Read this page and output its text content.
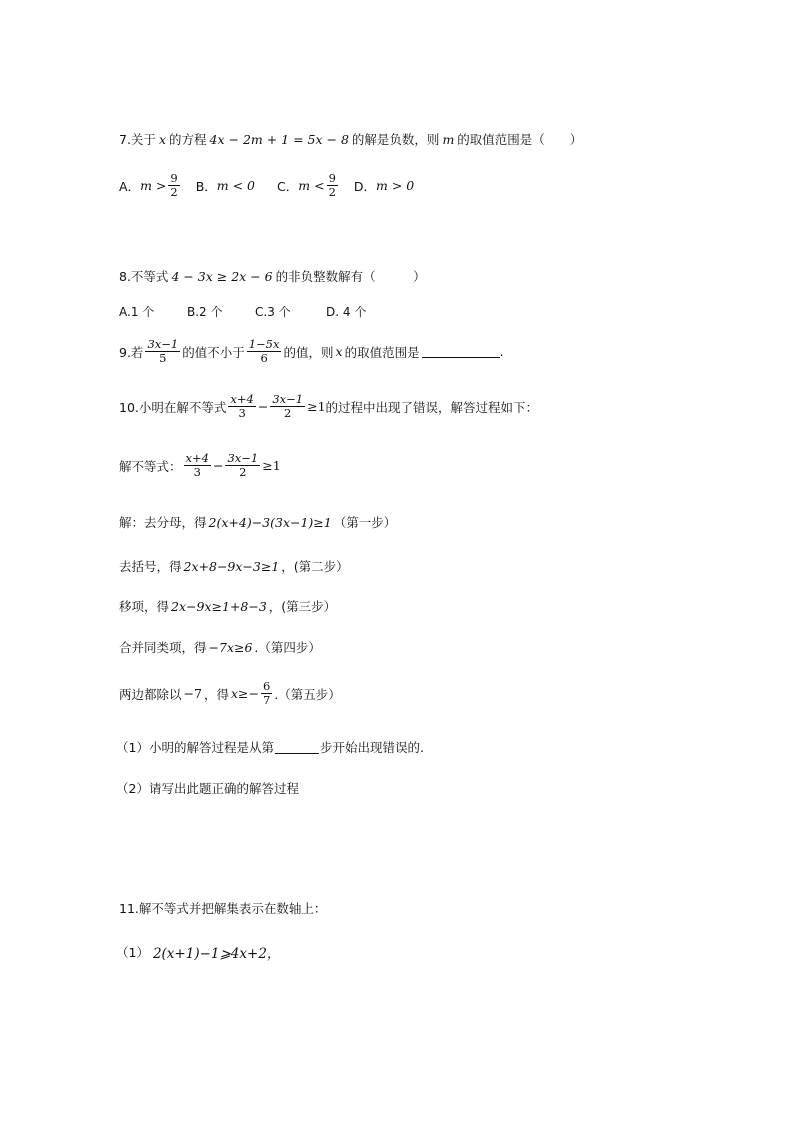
7.关于 x 的方程 4x − 2m + 1 = 5x − 8 的解是负数，则 m 的取值范围是（　　）
A． $m > \frac{9}{2}$ B． m < 0 C． $m < \frac{9}{2}$ D． m > 0
8.不等式 4 − 3x ≥ 2x − 6 的非负整数解有（　　　）
A.1 个	B.2 个	C.3 个	D. 4 个
9.若 $\frac{3x-1}{5}$ 的值不小于 $\frac{1-5x}{6}$ 的值，则 x 的取值范围是	.
10.小明在解不等式 $\frac{x+4}{3} - \frac{3x-1}{2} \ge 1$ 的过程中出现了错误，解答过程如下：
解不等式： $\frac{x+4}{3} - \frac{3x-1}{2} \ge 1$
解：去分母，得 2(x+4)−3(3x−1)≥1 （第一步）
去括号，得 2x+8−9x−3≥1 ，(第二步）
移项，得 2x−9x≥1+8−3 ，(第三步）
合并同类项，得 −7x≥6 .（第四步）
两边都除以 −7 ，得 $x\ge- \frac{6}{7}$ .（第五步）
（1）小明的解答过程是从第	步开始出现错误的.
（2）请写出此题正确的解答过程
11.解不等式并把解集表示在数轴上：
（1） 2(x+1)−1⩾4x+2，
